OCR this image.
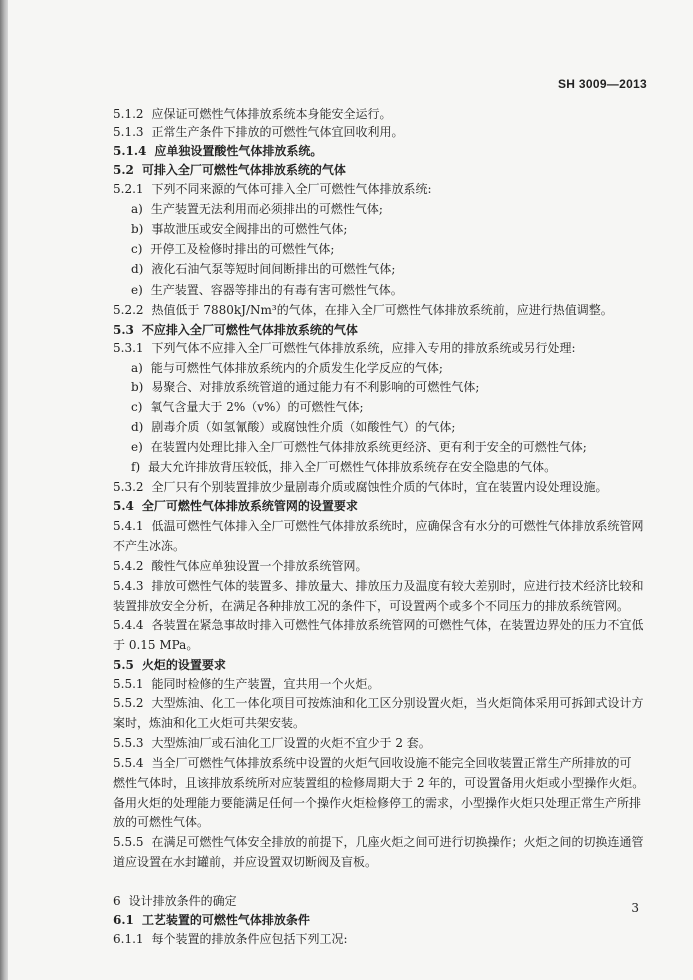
SH 3009—2013
5.1.2 应保证可燃性气体排放系统本身能安全运行。
5.1.3 正常生产条件下排放的可燃性气体宜回收利用。
5.1.4 应单独设置酸性气体排放系统。
5.2 可排入全厂可燃性气体排放系统的气体
5.2.1 下列不同来源的气体可排入全厂可燃性气体排放系统:
a) 生产装置无法利用而必须排出的可燃性气体;
b) 事故泄压或安全阀排出的可燃性气体;
c) 开停工及检修时排出的可燃性气体;
d) 液化石油气泵等短时间间断排出的可燃性气体;
e) 生产装置、容器等排出的有毒有害可燃性气体。
5.2.2 热值低于 7880kJ/Nm³的气体，在排入全厂可燃性气体排放系统前，应进行热值调整。
5.3 不应排入全厂可燃性气体排放系统的气体
5.3.1 下列气体不应排入全厂可燃性气体排放系统，应排入专用的排放系统或另行处理:
a) 能与可燃性气体排放系统内的介质发生化学反应的气体;
b) 易聚合、对排放系统管道的通过能力有不利影响的可燃性气体;
c) 氧气含量大于 2%（v%）的可燃性气体;
d) 剧毒介质（如氢氰酸）或腐蚀性介质（如酸性气）的气体;
e) 在装置内处理比排入全厂可燃性气体排放系统更经济、更有利于安全的可燃性气体;
f) 最大允许排放背压较低，排入全厂可燃性气体排放系统存在安全隐患的气体。
5.3.2 全厂只有个别装置排放少量剧毒介质或腐蚀性介质的气体时，宜在装置内设处理设施。
5.4 全厂可燃性气体排放系统管网的设置要求
5.4.1 低温可燃性气体排入全厂可燃性气体排放系统时，应确保含有水分的可燃性气体排放系统管网
不产生冰冻。
5.4.2 酸性气体应单独设置一个排放系统管网。
5.4.3 排放可燃性气体的装置多、排放量大、排放压力及温度有较大差别时，应进行技术经济比较和
装置排放安全分析，在满足各种排放工况的条件下，可设置两个或多个不同压力的排放系统管网。
5.4.4 各装置在紧急事故时排入可燃性气体排放系统管网的可燃性气体，在装置边界处的压力不宜低
于 0.15 MPa。
5.5 火炬的设置要求
5.5.1 能同时检修的生产装置，宜共用一个火炬。
5.5.2 大型炼油、化工一体化项目可按炼油和化工区分别设置火炬，当火炬筒体采用可拆卸式设计方
案时，炼油和化工火炬可共架安装。
5.5.3 大型炼油厂或石油化工厂设置的火炬不宜少于 2 套。
5.5.4 当全厂可燃性气体排放系统中设置的火炬气回收设施不能完全回收装置正常生产所排放的可
燃性气体时，且该排放系统所对应装置组的检修周期大于 2 年的，可设置备用火炬或小型操作火炬。
备用火炬的处理能力要能满足任何一个操作火炬检修停工的需求，小型操作火炬只处理正常生产所排
放的可燃性气体。
5.5.5 在满足可燃性气体安全排放的前提下，几座火炬之间可进行切换操作；火炬之间的切换连通管
道应设置在水封罐前，并应设置双切断阀及盲板。
6 设计排放条件的确定
6.1 工艺装置的可燃性气体排放条件
6.1.1 每个装置的排放条件应包括下列工况:
3
